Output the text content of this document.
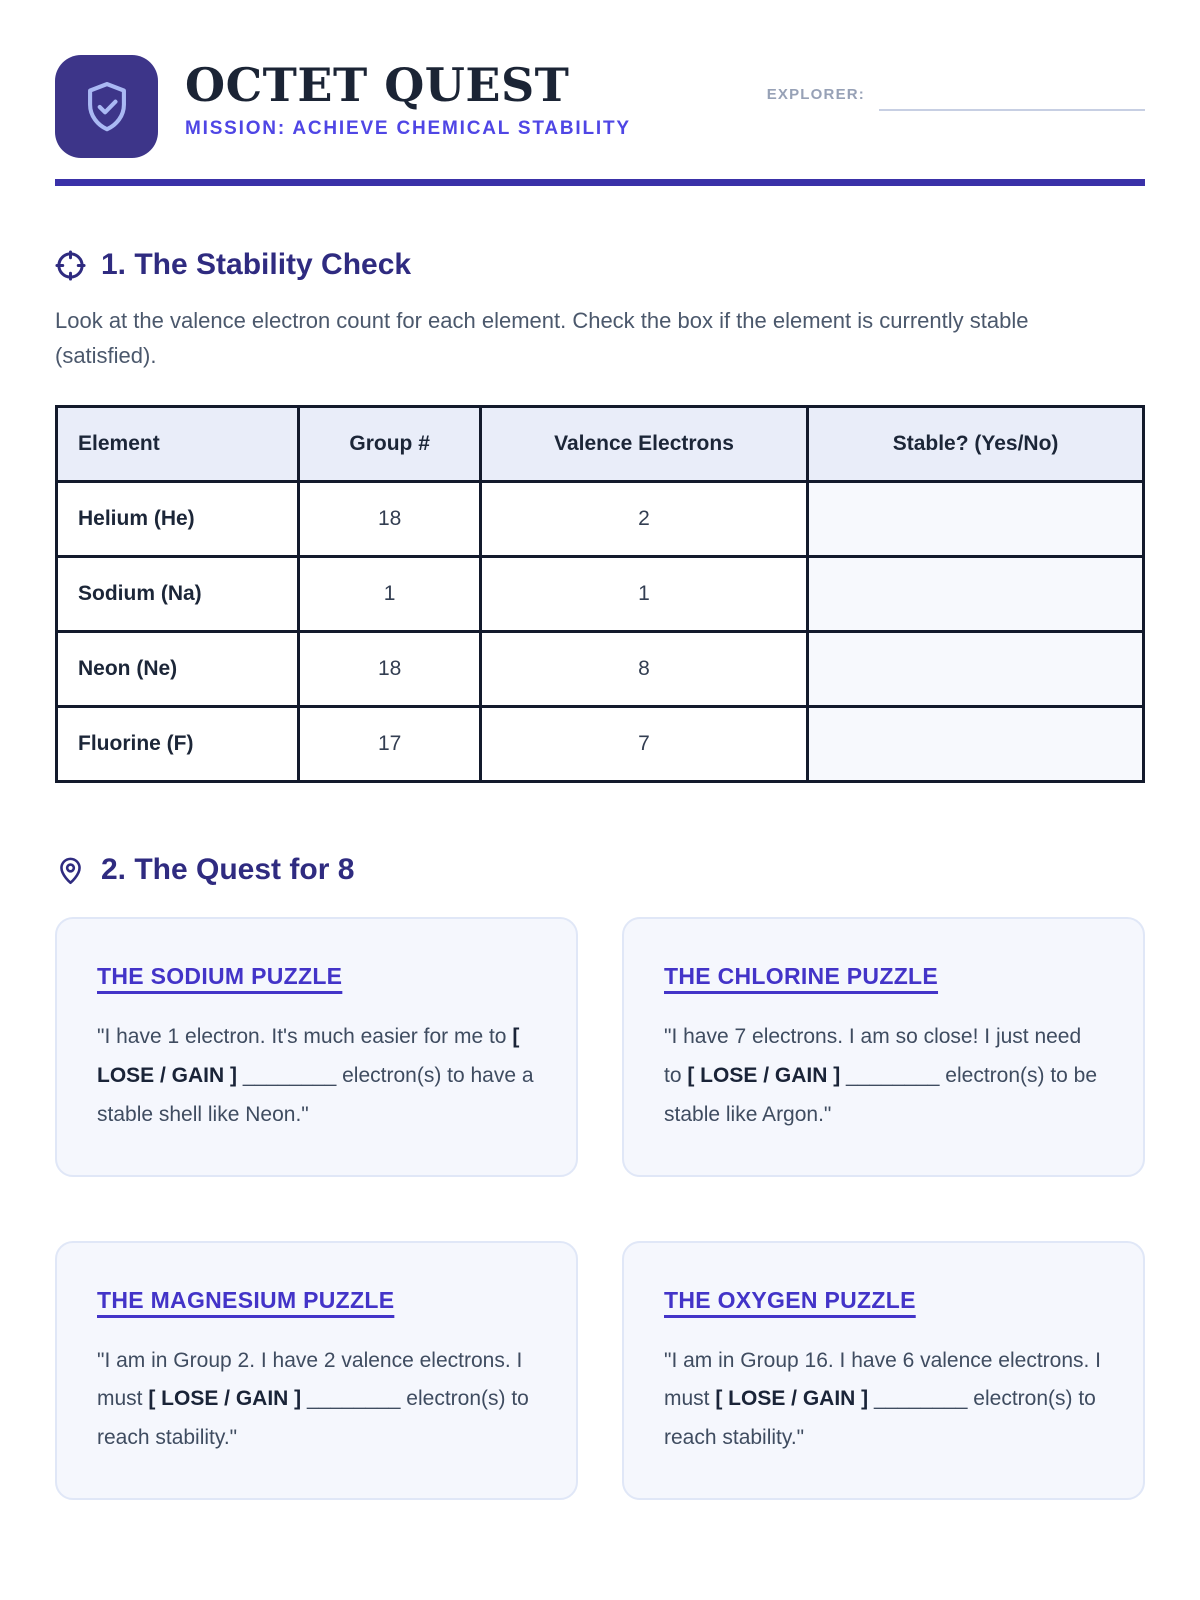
OCTET QUEST
MISSION: ACHIEVE CHEMICAL STABILITY
EXPLORER:
1. The Stability Check

Look at the valence electron count for each element. Check the box if the element is currently stable (satisfied).

Element	Group #	Valence Electrons	Stable? (Yes/No)
Helium (He)	18	2	
Sodium (Na)	1	1	
Neon (Ne)	18	8	
Fluorine (F)	17	7	
2. The Quest for 8
THE SODIUM PUZZLE

"I have 1 electron. It's much easier for me to [ LOSE / GAIN ] ________ electron(s) to have a stable shell like Neon."

THE CHLORINE PUZZLE

"I have 7 electrons. I am so close! I just need to [ LOSE / GAIN ] ________ electron(s) to be stable like Argon."

THE MAGNESIUM PUZZLE

"I am in Group 2. I have 2 valence electrons. I must [ LOSE / GAIN ] ________ electron(s) to reach stability."

THE OXYGEN PUZZLE

"I am in Group 16. I have 6 valence electrons. I must [ LOSE / GAIN ] ________ electron(s) to reach stability."
